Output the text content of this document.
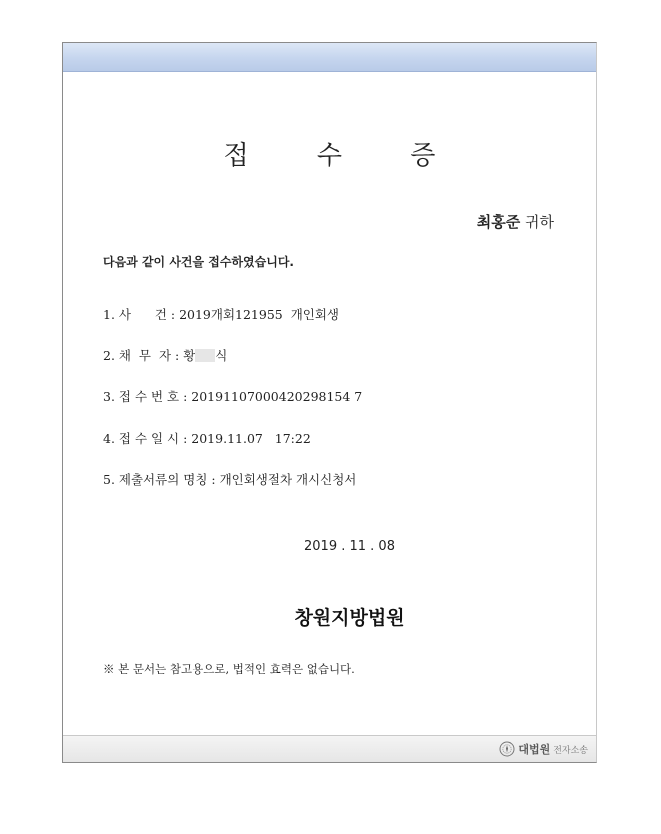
접 수 증
최홍준 귀하
다음과 같이 사건을 접수하였습니다.
1. 사      건 : 2019개회121955  개인회생
2. 채  무  자 : 황 식
3. 접 수 번 호 : 20191107000420298154 7
4. 접 수 일 시 : 2019.11.07   17:22
5. 제출서류의 명칭 : 개인회생절차 개시신청서
2019 . 11 . 08
창원지방법원
※ 본 문서는 참고용으로, 법적인 효력은 없습니다.
대법원 전자소송
